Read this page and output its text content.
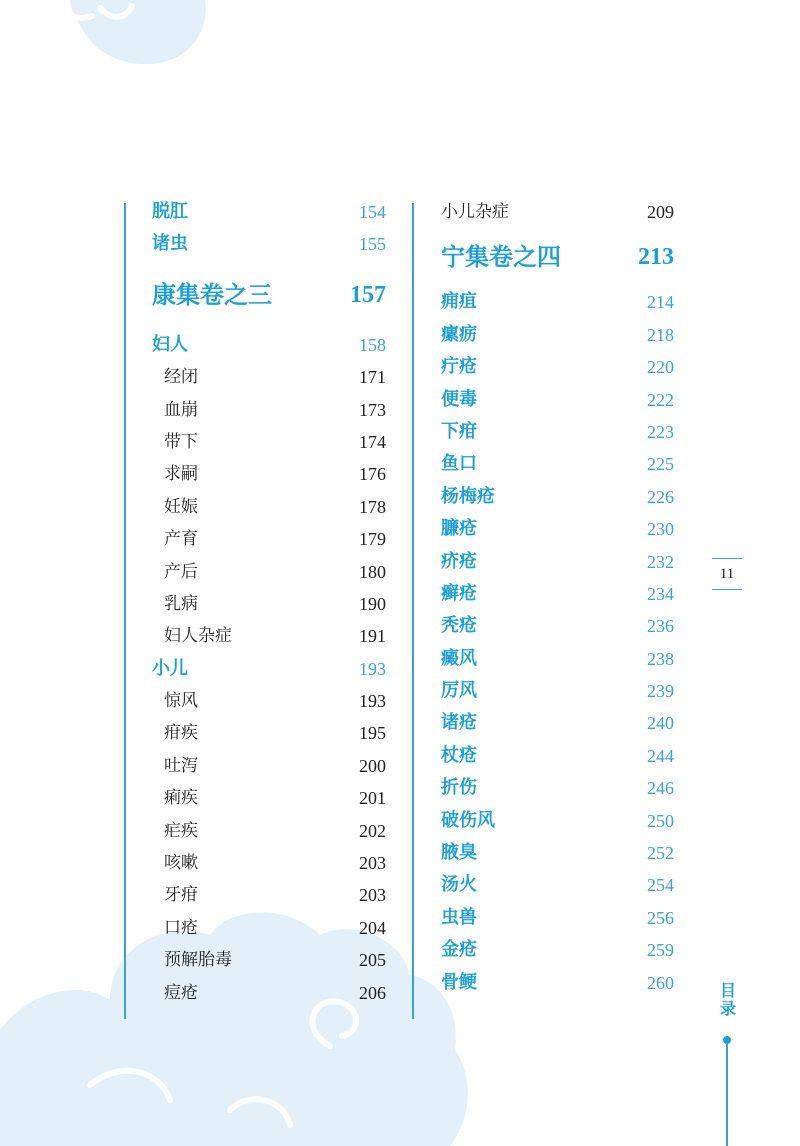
脱肛	154
诸虫	155
康集卷之三	157
妇人	158
经闭	171
血崩	173
带下	174
求嗣	176
妊娠	178
产育	179
产后	180
乳病	190
妇人杂症	191
小儿	193
惊风	193
疳疾	195
吐泻	200
痢疾	201
疟疾	202
咳嗽	203
牙疳	203
口疮	204
预解胎毒	205
痘疮	206
小儿杂症	209
宁集卷之四	213
痈疽	214
瘰疬	218
疔疮	220
便毒	222
下疳	223
鱼口	225
杨梅疮	226
臁疮	230
疥疮	232
癣疮	234
秃疮	236
癜风	238
厉风	239
诸疮	240
杖疮	244
折伤	246
破伤风	250
腋臭	252
汤火	254
虫兽	256
金疮	259
骨鲠	260
11
目录
